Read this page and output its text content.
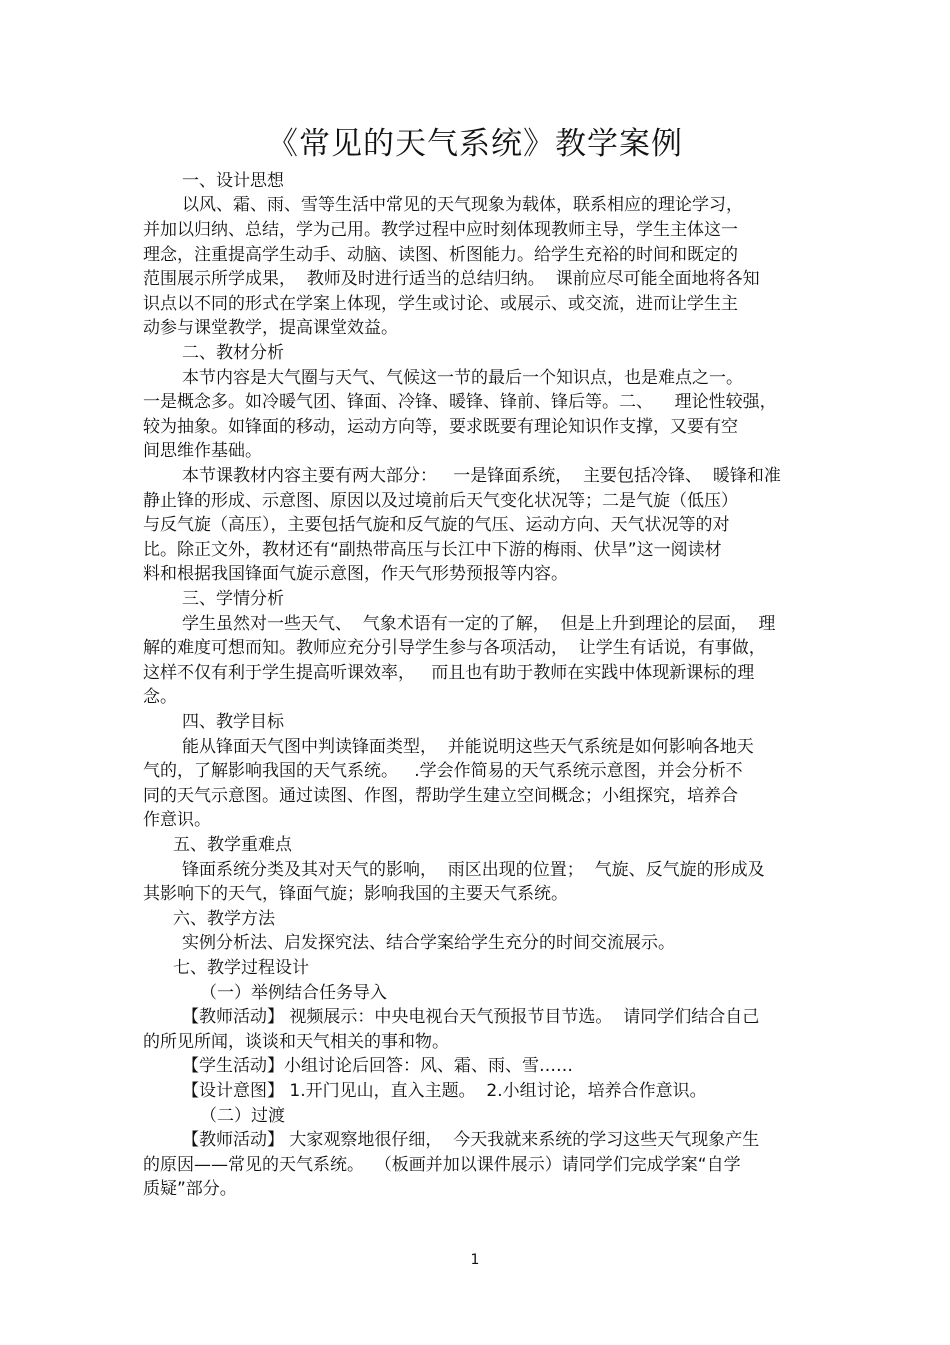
《常见的天气系统》教学案例
一、设计思想
以风、霜、雨、雪等生活中常见的天气现象为载体，联系相应的理论学习，
并加以归纳、总结，学为己用。教学过程中应时刻体现教师主导，学生主体这一
理念，注重提高学生动手、动脑、读图、析图能力。给学生充裕的时间和既定的
范围展示所学成果，  教师及时进行适当的总结归纳。  课前应尽可能全面地将各知
识点以不同的形式在学案上体现，学生或讨论、或展示、或交流，进而让学生主
动参与课堂教学，提高课堂效益。
二、教材分析
本节内容是大气圈与天气、气候这一节的最后一个知识点，也是难点之一。
一是概念多。如冷暖气团、锋面、冷锋、暖锋、锋前、锋后等。二、    理论性较强，
较为抽象。如锋面的移动，运动方向等，要求既要有理论知识作支撑，又要有空
间思维作基础。
本节课教材内容主要有两大部分：   一是锋面系统，  主要包括冷锋、  暖锋和准
静止锋的形成、示意图、原因以及过境前后天气变化状况等；二是气旋（低压）
与反气旋（高压），主要包括气旋和反气旋的气压、运动方向、天气状况等的对
比。除正文外，教材还有“副热带高压与长江中下游的梅雨、伏旱”这一阅读材
料和根据我国锋面气旋示意图，作天气形势预报等内容。
三、学情分析
学生虽然对一些天气、  气象术语有一定的了解，  但是上升到理论的层面，  理
解的难度可想而知。教师应充分引导学生参与各项活动，  让学生有话说，有事做，
这样不仅有利于学生提高听课效率，   而且也有助于教师在实践中体现新课标的理
念。
四、教学目标
能从锋面天气图中判读锋面类型，  并能说明这些天气系统是如何影响各地天
气的，了解影响我国的天气系统。   .学会作简易的天气系统示意图，并会分析不
同的天气示意图。通过读图、作图，帮助学生建立空间概念；小组探究，培养合
作意识。
五、教学重难点
锋面系统分类及其对天气的影响，  雨区出现的位置；  气旋、反气旋的形成及
其影响下的天气，锋面气旋；影响我国的主要天气系统。
六、教学方法
实例分析法、启发探究法、结合学案给学生充分的时间交流展示。
七、教学过程设计
（一）举例结合任务导入
【教师活动】 视频展示：中央电视台天气预报节目节选。  请同学们结合自己
的所见所闻，谈谈和天气相关的事和物。
【学生活动】小组讨论后回答：风、霜、雨、雪……
【设计意图】 1.开门见山，直入主题。  2.小组讨论，培养合作意识。
（二）过渡
【教师活动】 大家观察地很仔细，  今天我就来系统的学习这些天气现象产生
的原因——常见的天气系统。  （板画并加以课件展示）请同学们完成学案“自学
质疑”部分。
1
